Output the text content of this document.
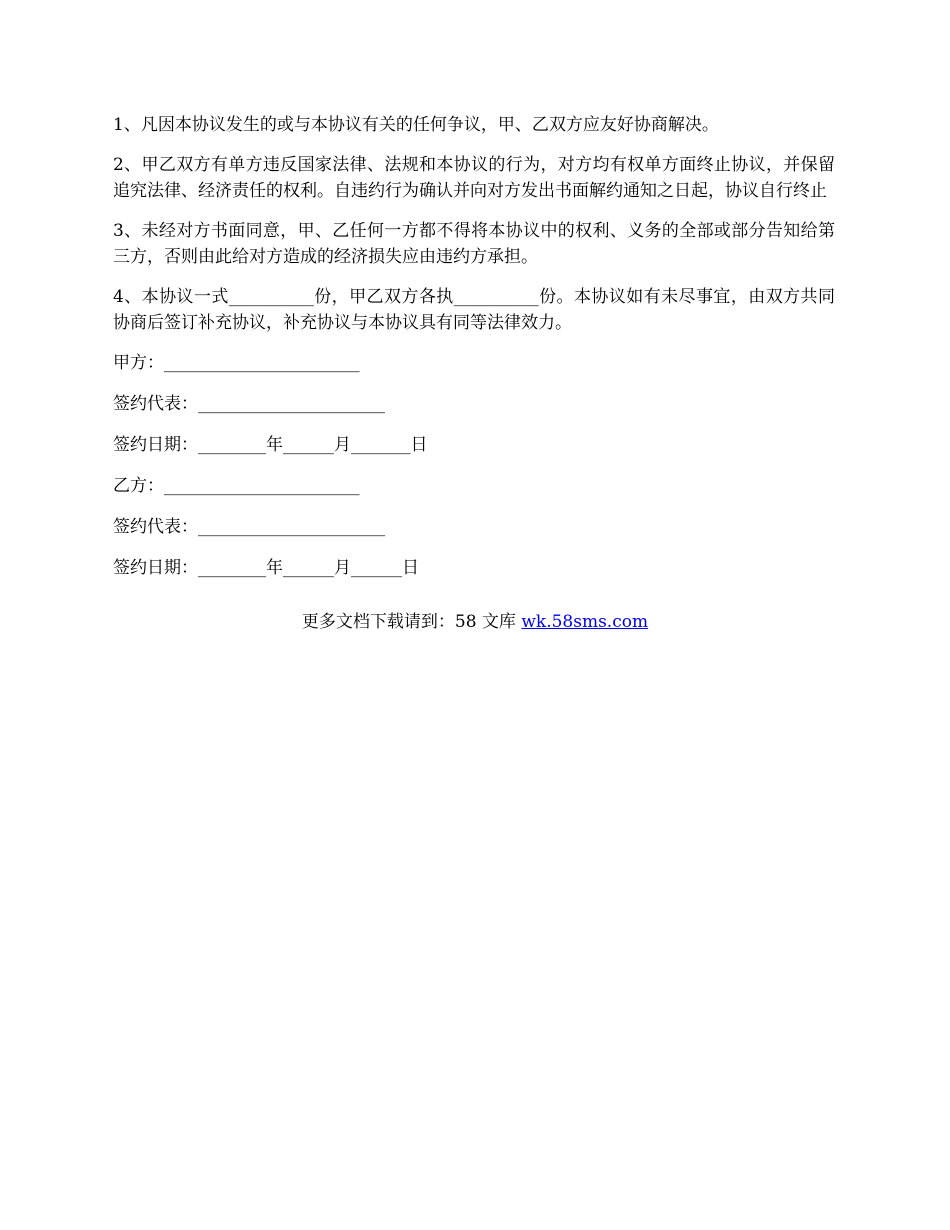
1、凡因本协议发生的或与本协议有关的任何争议，甲、乙双方应友好协商解决。

2、甲乙双方有单方违反国家法律、法规和本协议的行为，对方均有权单方面终止协议，并保留追究法律、经济责任的权利。自违约行为确认并向对方发出书面解约通知之日起，协议自行终止

3、未经对方书面同意，甲、乙任何一方都不得将本协议中的权利、义务的全部或部分告知给第三方，否则由此给对方造成的经济损失应由违约方承担。

4、本协议一式__________份，甲乙双方各执__________份。本协议如有未尽事宜，由双方共同协商后签订补充协议，补充协议与本协议具有同等法律效力。

甲方：_______________________
签约代表：______________________
签约日期：________年______月_______日
乙方：_______________________
签约代表：______________________
签约日期：________年______月______日
更多文档下载请到：58 文库 wk.58sms.com
